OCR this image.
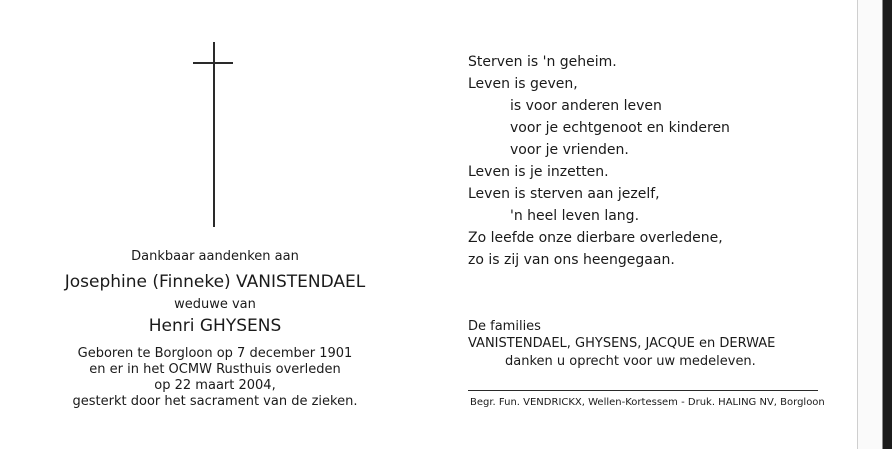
Dankbaar aandenken aan
Josephine (Finneke) VANISTENDAEL
weduwe van
Henri GHYSENS
Geboren te Borgloon op 7 december 1901
en er in het OCMW Rusthuis overleden
op 22 maart 2004,
gesterkt door het sacrament van de zieken.
Sterven is 'n geheim.
Leven is geven,
is voor anderen leven
voor je echtgenoot en kinderen
voor je vrienden.
Leven is je inzetten.
Leven is sterven aan jezelf,
'n heel leven lang.
Zo leefde onze dierbare overledene,
zo is zij van ons heengegaan.
De families
VANISTENDAEL, GHYSENS, JACQUE en DERWAE
danken u oprecht voor uw medeleven.
Begr. Fun. VENDRICKX, Wellen-Kortessem - Druk. HALING NV, Borgloon
